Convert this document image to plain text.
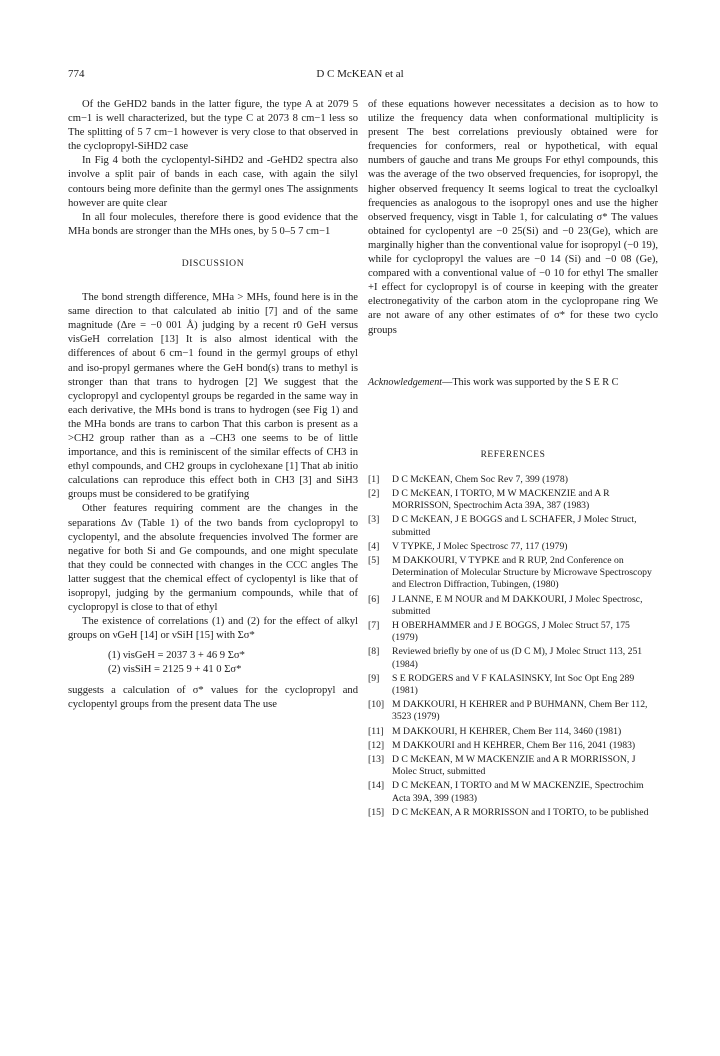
774	D C McKEAN et al

Of the GeHD2 bands in the latter figure, the type A at 2079 5 cm−1 is well characterized, but the type C at 2073 8 cm−1 less so The splitting of 5 7 cm−1 however is very close to that observed in the cyclopropyl-SiHD2 case

In Fig 4 both the cyclopentyl-SiHD2 and -GeHD2 spectra also involve a split pair of bands in each case, with again the silyl contours being more definite than the germyl ones The assignments however are quite clear

In all four molecules, therefore there is good evidence that the MHa bonds are stronger than the MHs ones, by 5 0–5 7 cm−1

DISCUSSION

The bond strength difference, MHa > MHs, found here is in the same direction to that calculated ab initio [7] and of the same magnitude (Δre = −0 001 Å) judging by a recent r0 GeH versus νisGeH correlation [13] It is also almost identical with the differences of about 6 cm−1 found in the germyl groups of ethyl and iso-propyl germanes where the GeH bond(s) trans to methyl is stronger than that trans to hydrogen [2] We suggest that the cyclopropyl and cyclopentyl groups be regarded in the same way in each derivative, the MHs bond is trans to hydrogen (see Fig 1) and the MHa bonds are trans to carbon That this carbon is present as a >CH2 group rather than as a –CH3 one seems to be of little importance, and this is reminiscent of the similar effects of CH3 in ethyl compounds, and CH2 groups in cyclohexane [1] That ab initio calculations can reproduce this effect both in CH3 [3] and SiH3 groups must be considered to be gratifying

Other features requiring comment are the changes in the separations Δν (Table 1) of the two bands from cyclopropyl to cyclopentyl, and the absolute frequencies involved The former are negative for both Si and Ge compounds, and one might speculate that they could be connected with changes in the CCC angles The latter suggest that the chemical effect of cyclopentyl is like that of isopropyl, judging by the germanium compounds, while that of cyclopropyl is close to that of ethyl

The existence of correlations (1) and (2) for the effect of alkyl groups on νGeH [14] or νSiH [15] with Σσ*

(1) νisGeH = 2037 3 + 46 9 Σσ*
(2) νisSiH = 2125 9 + 41 0 Σσ*

suggests a calculation of σ* values for the cyclopropyl and cyclopentyl groups from the present data The use

of these equations however necessitates a decision as to how to utilize the frequency data when conformational multiplicity is present The best correlations previously obtained were for frequencies for conformers, real or hypothetical, with equal numbers of gauche and trans Me groups For ethyl compounds, this was the average of the two observed frequencies, for isopropyl, the higher observed frequency It seems logical to treat the cycloalkyl frequencies as analogous to the isopropyl ones and use the higher observed frequency, νisgt in Table 1, for calculating σ* The values obtained for cyclopentyl are −0 25(Si) and −0 23(Ge), which are marginally higher than the conventional value for isopropyl (−0 19), while for cyclopropyl the values are −0 14 (Si) and −0 08 (Ge), compared with a conventional value of −0 10 for ethyl The smaller +I effect for cyclopropyl is of course in keeping with the greater electronegativity of the carbon atom in the cyclopropane ring We are not aware of any other estimates of σ* for these two cyclo groups

Acknowledgement—This work was supported by the S E R C

REFERENCES
[1]	D C McKEAN, Chem Soc Rev 7, 399 (1978)
[2]	D C McKEAN, I TORTO, M W MACKENZIE and A R MORRISSON, Spectrochim Acta 39A, 387 (1983)
[3]	D C McKEAN, J E BOGGS and L SCHAFER, J Molec Struct, submitted
[4]	V TYPKE, J Molec Spectrosc 77, 117 (1979)
[5]	M DAKKOURI, V TYPKE and R RUP, 2nd Conference on Determination of Molecular Structure by Microwave Spectroscopy and Electron Diffraction, Tubingen, (1980)
[6]	J LANNE, E M NOUR and M DAKKOURI, J Molec Spectrosc, submitted
[7]	H OBERHAMMER and J E BOGGS, J Molec Struct 57, 175 (1979)
[8]	Reviewed briefly by one of us (D C M), J Molec Struct 113, 251 (1984)
[9]	S E RODGERS and V F KALASINSKY, Int Soc Opt Eng 289 (1981)
[10] M DAKKOURI, H KEHRER and P BUHMANN, Chem Ber 112, 3523 (1979)
[11] M DAKKOURI, H KEHRER, Chem Ber 114, 3460 (1981)
[12] M DAKKOURI and H KEHRER, Chem Ber 116, 2041 (1983)
[13] D C McKEAN, M W MACKENZIE and A R MORRISSON, J Molec Struct, submitted
[14] D C McKEAN, I TORTO and M W MACKENZIE, Spectrochim Acta 39A, 399 (1983)
[15] D C McKEAN, A R MORRISSON and I TORTO, to be published
